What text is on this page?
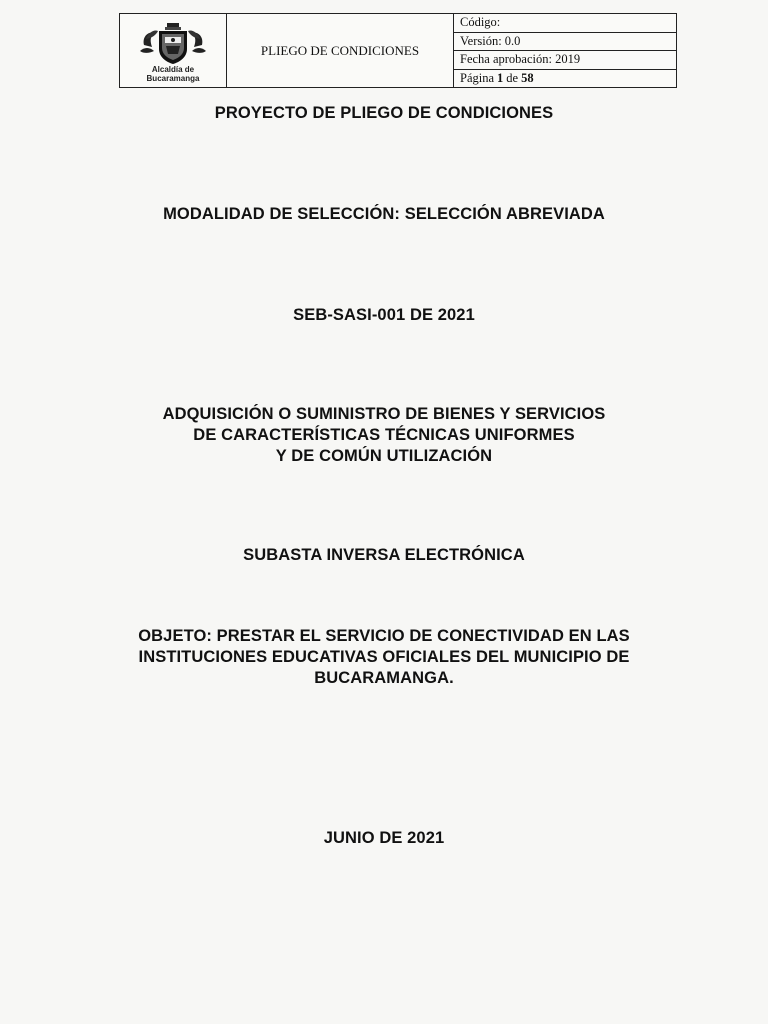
Alcaldía de
Bucaramanga
PLIEGO DE CONDICIONES
Código:
Versión: 0.0
Fecha aprobación: 2019
Página 1 de 58
PROYECTO DE PLIEGO DE CONDICIONES
MODALIDAD DE SELECCIÓN: SELECCIÓN ABREVIADA
SEB-SASI-001 DE 2021
ADQUISICIÓN O SUMINISTRO DE BIENES Y SERVICIOS
DE CARACTERÍSTICAS TÉCNICAS UNIFORMES
Y DE COMÚN UTILIZACIÓN
SUBASTA INVERSA ELECTRÓNICA
OBJETO: PRESTAR EL SERVICIO DE CONECTIVIDAD EN LAS
INSTITUCIONES EDUCATIVAS OFICIALES DEL MUNICIPIO DE
BUCARAMANGA.
JUNIO DE 2021
